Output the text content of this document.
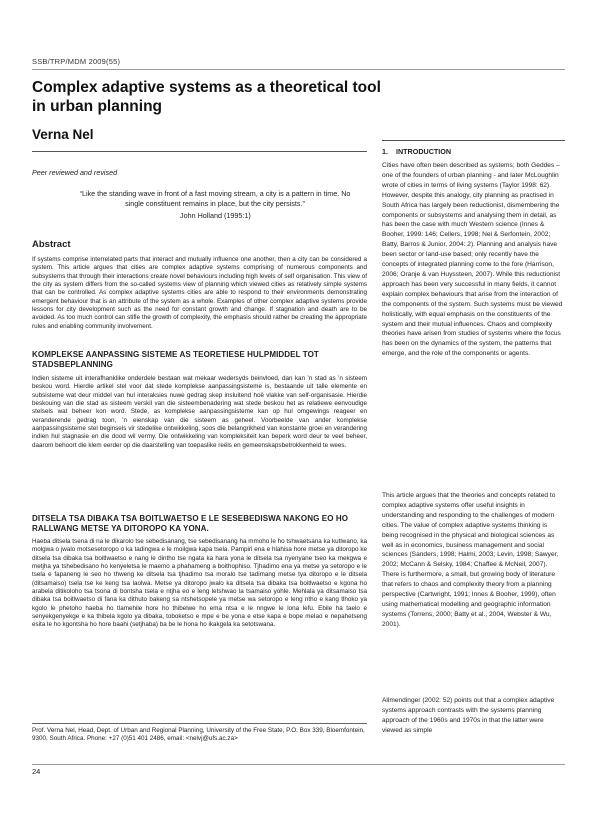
SSB/TRP/MDM 2009(55)
Complex adaptive systems as a theoretical tool in urban planning
Verna Nel
Peer reviewed and revised
“Like the standing wave in front of a fast moving stream, a city is a pattern in time. No single constituent remains in place, but the city persists.”
John Holland (1995:1)
Abstract
If systems comprise interrelated parts that interact and mutually influence one another, then a city can be considered a system. This article argues that cities are complex adaptive systems comprising of numerous components and subsystems that through their interactions create novel behaviours including high levels of self organisation. This view of the city as system differs from the so-called systems view of planning which viewed cities as relatively simple systems that can be controlled. As complex adaptive systems cities are able to respond to their environments demonstrating emergent behaviour that is an attribute of the system as a whole. Examples of other complex adaptive systems provide lessons for city development such as the need for constant growth and change. If stagnation and death are to be avoided. As too much control can stifle the growth of complexity, the emphasis should rather be creating the appropriate rules and enabling community involvement.
KOMPLEKSE AANPASSING SISTEME AS TEORETIESE HULPMIDDEL TOT STADSBEPLANNING
Indien sisteme uit interafhanklike onderdele bestaan wat mekaar wedersyds beinvloed, dan kan ’n stad as ’n sisteem beskou word. Hierdie artikel stel voor dat stede komplekse aanpassingsisteme is, bestaande uit talle elemente en subsisteme wat deur middel van hul interaksies nuwe gedrag skep insluitend hoë vlakke van self-organisasie. Hierdie beskouing van die stad as sisteem verskil van die sisteembenadering wat stede beskou het as relatiewe eenvoudige stelsels wat beheer kon word. Stede, as komplekse aanpassingsisteme kan op hul omgewings reageer en veranderende gedrag toon, ’n eienskap van die sisteem as geheel. Voorbeelde van ander komplekse aanpassingsisteme stel beginsels vir stedelike ontwikkeling, soos die belangrikheid van konstante groei en verandering indien hul stagnasie en die dood wil vermy. Die ontwikkeling van kompleksiteit kan beperk word deur te veel beheer, daarom behoort die klem eerder op die daarstelling van toepaslike reëls en gemeenskapsbetrokkenheid te wees.
DITSELA TSA DIBAKA TSA BOITLWAETSO E LE SESEBEDISWA NAKONG EO HO RALLWANG METSE YA DITOROPO KA YONA.
Haeba ditsela tsena di na le dikarolo tse sebedisanang, tse sebedisanang ha mmoho le ho tshwaetsana ka kutlwano, ka molgwa o jwalo motsesetoropo o ka tadingwa e le moilgwa kapa tsela. Pampiri ena e hlahisa hore metse ya ditoropo ke ditsela tsa dibaka tsa boitlwaetso e nang le dintho tse ngata ka hara yona le ditsela tsa nyenyane tseo ka mekgwa e metjha ya tshebedisano ho kenyeletsa le maemo a phahameng a boithophiso. Tjhadimo ena ya metse ya setoropo e le tsela e fapaneng le seo ho thweng ke ditsela tsa tjhadimo tsa moralo tse tadimang metse tya ditoropo e le ditsela (ditsamaiso) tsela tse ke keng tsa laolwa. Metse ya ditoropo jwalo ka ditsela tsa dibaka tsa boitlwaetso e kgona ho arabela ditikoloho tsa tsona di bontsha tsela e ntjha eo e leng letshwao la tsamaiso yohle. Mehlala ya ditsamaiso tsa dibaka tsa boitlwaetso di fana ka dithuto bakeng sa ntshetsopele ya metse wa setoropo e leng ntho e kang tlhoko ya kgolo le phetoho haeba ho tlamehile hore ho thibelwe ho ema ntsa e le nngwe le lona lefu. Ebile ha taelo e senyekgenyekge e ka thibela kgolo ya dibaka, toboketso e mpe e be yona e etse kapa e bope melao e nepahetseng esita le ho kgontsha ho hore baahi (setjhaba) ba be le hona ho ikakgela ka setotswana.
Prof. Verna Nel, Head, Dept. of Urban and Regional Planning, University of the Free State, P.O. Box 339, Bloemfontein, 9300, South Africa. Phone: +27 (0)51 401 2486, email: <nelvj@ufs.ac.za>
24
1.    INTRODUCTION
Cities have often been described as systems; both Geddes – one of the founders of urban planning - and later McLoughlin wrote of cities in terms of living systems (Taylor 1998: 62). However, despite this analogy, city planning as practised in South Africa has largely been reductionist, dismembering the components or subsystems and analysing them in detail, as has been the case with much Western science (Innes & Booher, 1999: 146; Cellers, 1998; Nel & Serfontein, 2002; Batty, Barros & Junior, 2004: 2). Planning and analysis have been sector or land-use based; only recently have the concepts of integrated planning come to the fore (Harrison, 2006; Oranje & van Huyssteen, 2007). While this reductionist approach has been very successful in many fields, it cannot explain complex behaviours that arise from the interaction of the components of the system. Such systems must be viewed holistically, with equal emphasis on the constituents of the system and their mutual influences. Chaos and complexity theories have arisen from studies of systems where the focus has been on the dynamics of the system, the patterns that emerge, and the role of the components or agents.
This article argues that the theories and concepts related to complex adaptive systems offer useful insights in understanding and responding to the challenges of modern cities. The value of complex adaptive systems thinking is being recognised in the physical and biological sciences as well as in economics, business management and social sciences (Sanders, 1998; Halmi, 2003; Levin, 1998; Sawyer, 2002; McCann & Selsky, 1984; Chaffee & McNeil, 2007). There is furthermore, a small, but growing body of literature that refers to chaos and complexity theory from a planning perspective (Cartwright, 1991; Innes & Booher, 1999), often using mathematical modelling and geographic information systems (Torrens, 2000; Batty et al., 2004, Webster & Wu, 2001).
Allmendinger (2002: 52) points out that a complex adaptive systems approach contrasts with the systems planning approach of the 1960s and 1970s in that the latter were viewed as simple
